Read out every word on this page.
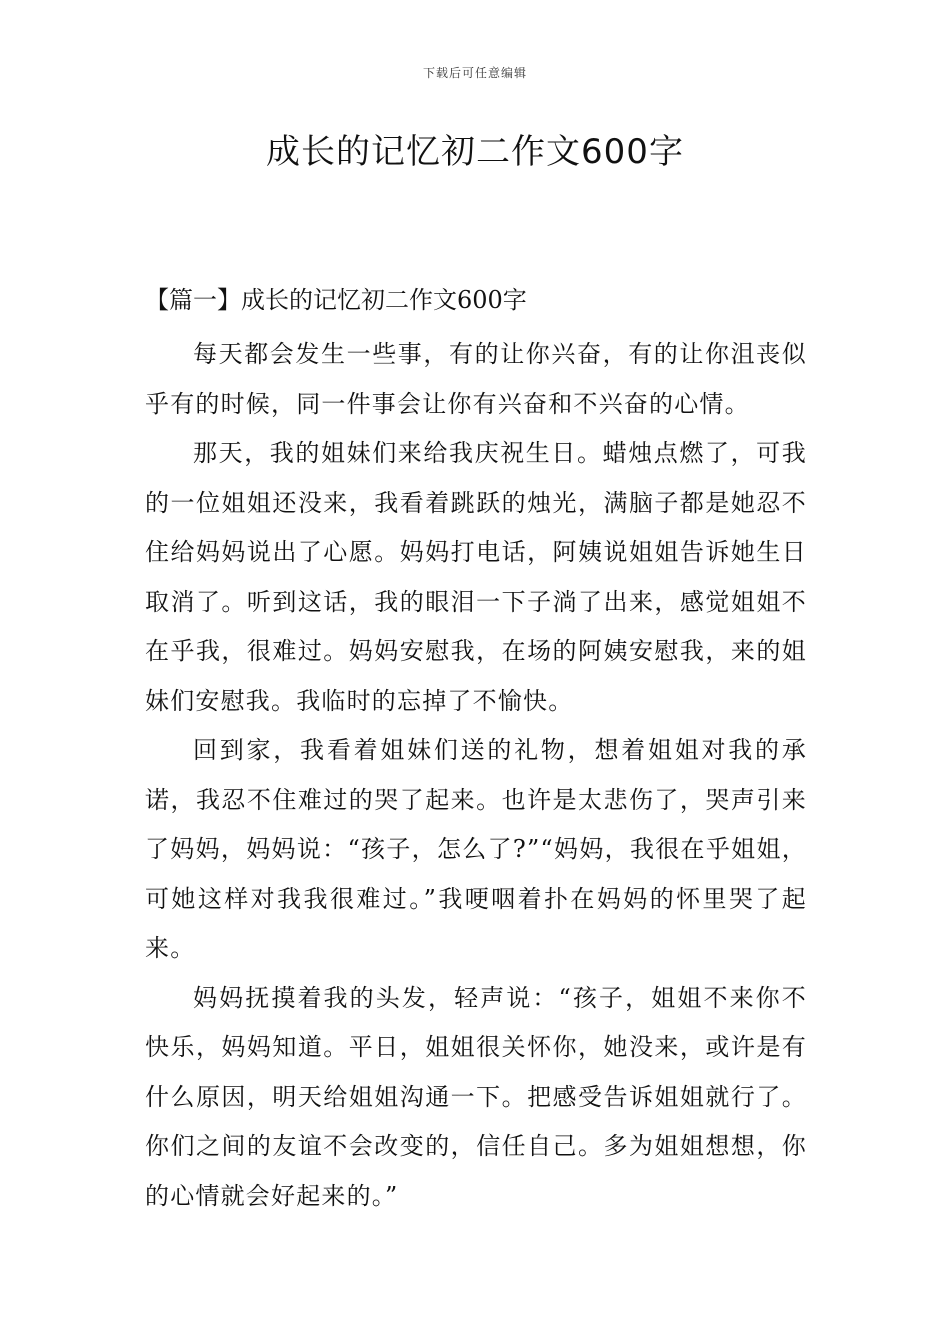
下载后可任意编辑
成长的记忆初二作文600字
【篇一】成长的记忆初二作文600字

每天都会发生一些事，有的让你兴奋，有的让你沮丧似乎有的时候，同一件事会让你有兴奋和不兴奋的心情。

那天，我的姐妹们来给我庆祝生日。蜡烛点燃了，可我的一位姐姐还没来，我看着跳跃的烛光，满脑子都是她忍不住给妈妈说出了心愿。妈妈打电话，阿姨说姐姐告诉她生日取消了。听到这话，我的眼泪一下子淌了出来，感觉姐姐不在乎我，很难过。妈妈安慰我，在场的阿姨安慰我，来的姐妹们安慰我。我临时的忘掉了不愉快。

回到家，我看着姐妹们送的礼物，想着姐姐对我的承诺，我忍不住难过的哭了起来。也许是太悲伤了，哭声引来了妈妈，妈妈说：“孩子，怎么了?”“妈妈，我很在乎姐姐，可她这样对我我很难过。”我哽咽着扑在妈妈的怀里哭了起来。

妈妈抚摸着我的头发，轻声说：“孩子，姐姐不来你不快乐，妈妈知道。平日，姐姐很关怀你，她没来，或许是有什么原因，明天给姐姐沟通一下。把感受告诉姐姐就行了。你们之间的友谊不会改变的，信任自己。多为姐姐想想，你的心情就会好起来的。”
